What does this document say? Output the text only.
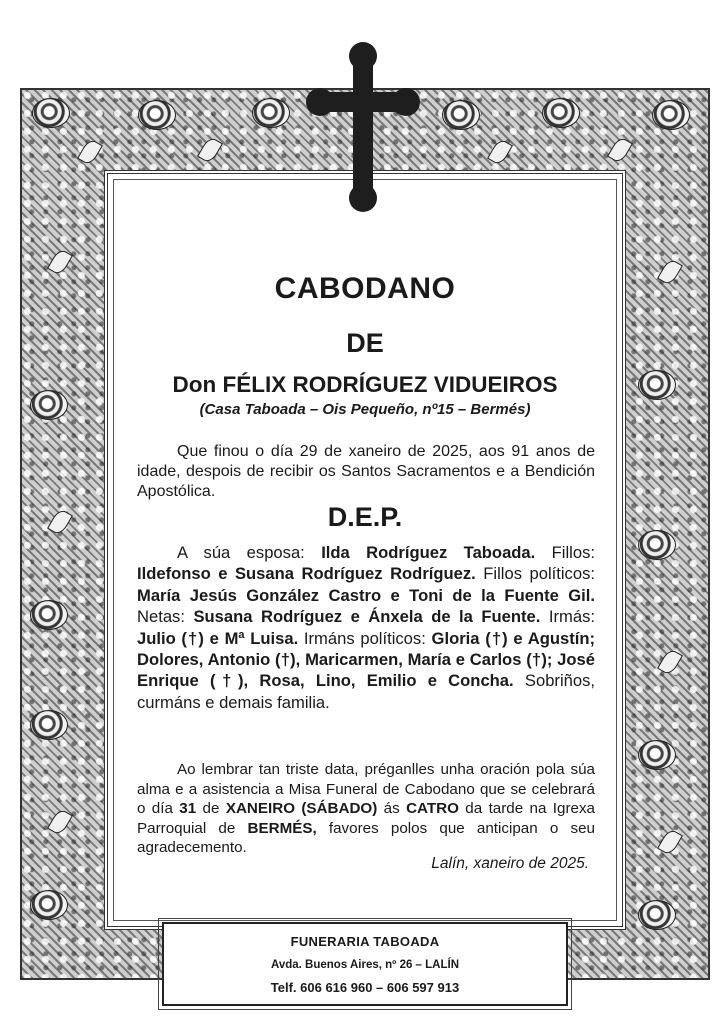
CABODANO
DE
Don FÉLIX RODRÍGUEZ VIDUEIROS
(Casa Taboada – Ois Pequeño, nº15 – Bermés)
Que finou o día 29 de xaneiro de 2025, aos 91 anos de idade, despois de recibir os Santos Sacramentos e a Bendición Apostólica.
D.E.P.
A súa esposa: Ilda Rodríguez Taboada. Fillos: Ildefonso e Susana Rodríguez Rodríguez. Fillos políticos: María Jesús González Castro e Toni de la Fuente Gil. Netas: Susana Rodríguez e Ánxela de la Fuente. Irmás: Julio (†) e Mª Luisa. Irmáns políticos: Gloria (†) e Agustín; Dolores, Antonio (†), Maricarmen, María e Carlos (†); José Enrique (†), Rosa, Lino, Emilio e Concha. Sobriños, curmáns e demais familia.
Ao lembrar tan triste data, préganlles unha oración pola súa alma e a asistencia a Misa Funeral de Cabodano que se celebrará o día 31 de XANEIRO (SÁBADO) ás CATRO da tarde na Igrexa Parroquial de BERMÉS, favores polos que anticipan o seu agradecemento.
Lalín, xaneiro de 2025.
FUNERARIA TABOADA
Avda. Buenos Aires, nº 26 – LALÍN
Telf. 606 616 960 – 606 597 913
